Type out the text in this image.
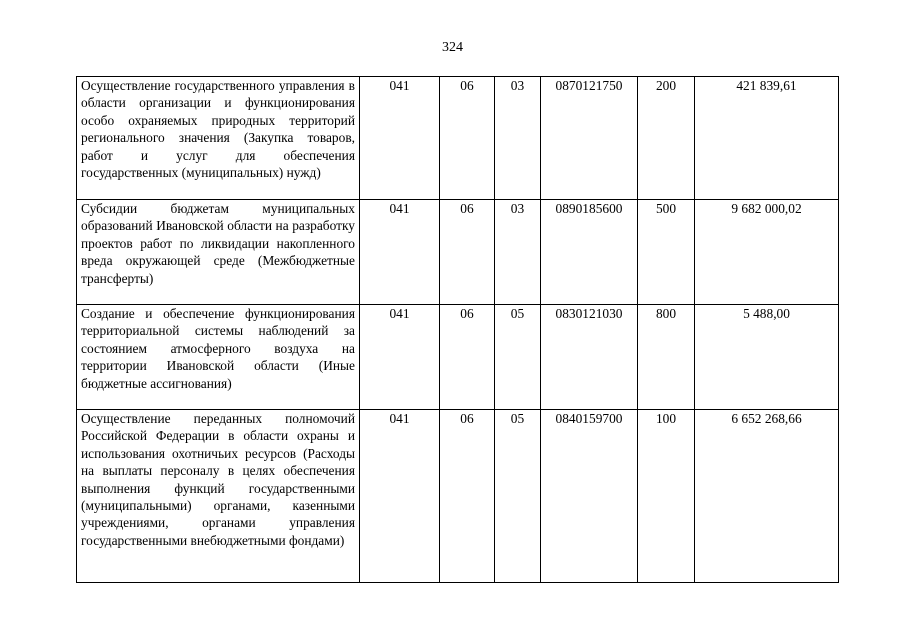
324
Осуществление государственного управления в области организации и функционирования особо охраняемых природных территорий регионального значения (Закупка товаров, работ и услуг для обеспечения государственных (муниципальных) нужд)	041	06	03	0870121750	200	421 839,61
Субсидии бюджетам муниципальных образований Ивановской области на разработку проектов работ по ликвидации накопленного вреда окружающей среде (Межбюджетные трансферты)	041	06	03	0890185600	500	9 682 000,02
Создание и обеспечение функционирования территориальной системы наблюдений за состоянием атмосферного воздуха на территории Ивановской области (Иные бюджетные ассигнования)	041	06	05	0830121030	800	5 488,00
Осуществление переданных полномочий Российской Федерации в области охраны и использования охотничьих ресурсов (Расходы на выплаты персоналу в целях обеспечения выполнения функций государственными (муниципальными) органами, казенными учреждениями, органами управления государственными внебюджетными фондами)	041	06	05	0840159700	100	6 652 268,66
